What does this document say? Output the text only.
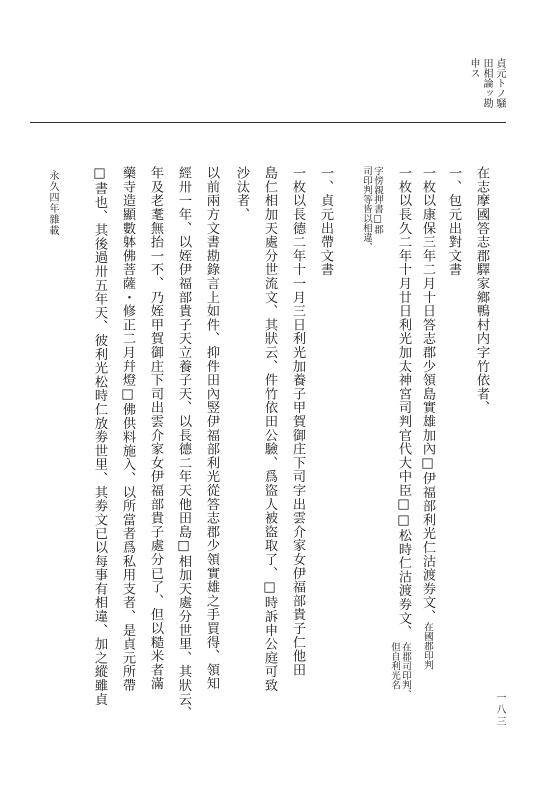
貞元トノ騒
田相論ッ勘
申ス
在志摩國答志郡驛家鄉鴨村内字竹依者、
一、包元出對文書
一枚以康保三年二月十日答志郡少領島實雄加內□伊福部利光仁沽渡券文、
在國郡印判
一枚以長久二年十月廿日利光加太神宮司判官代大中臣□□松時仁沽渡券文、
在郡司印判、
但自利光名
字傍親押書□郡
司印判等皆以相違、
一、貞元出帶文書
一枚以長德二年十一月三日利光加養子甲賀御庄下司字出雲介家女伊福部貴子仁他田
島仁相加天處分世流文、其狀云、件竹依田公驗、爲盜人被盜取了、□時訴申公庭可致
沙汰者、
以前兩方文書勘錄言上如件、抑件田內竪伊福部利光從答志郡少領實雄之手買得、領知
經卅一年、以姪伊福部貴子天立養子天、以長德二年天他田島□相加天處分世里、其狀云、
年及老耄無抬一不、乃姪甲賀御庄下司出雲介家女伊福部貴子處分已了、但以糙米者滿
藥寺造顯數躰佛菩薩・修正二月幷燈□佛供料施入、以所當者爲私用支者、是貞元所帶
□書也、其後過卅五年天、彼利光松時仁放劵世里、其劵文已以每事有相違、加之縱雖貞
永久四年雜載
一八三
